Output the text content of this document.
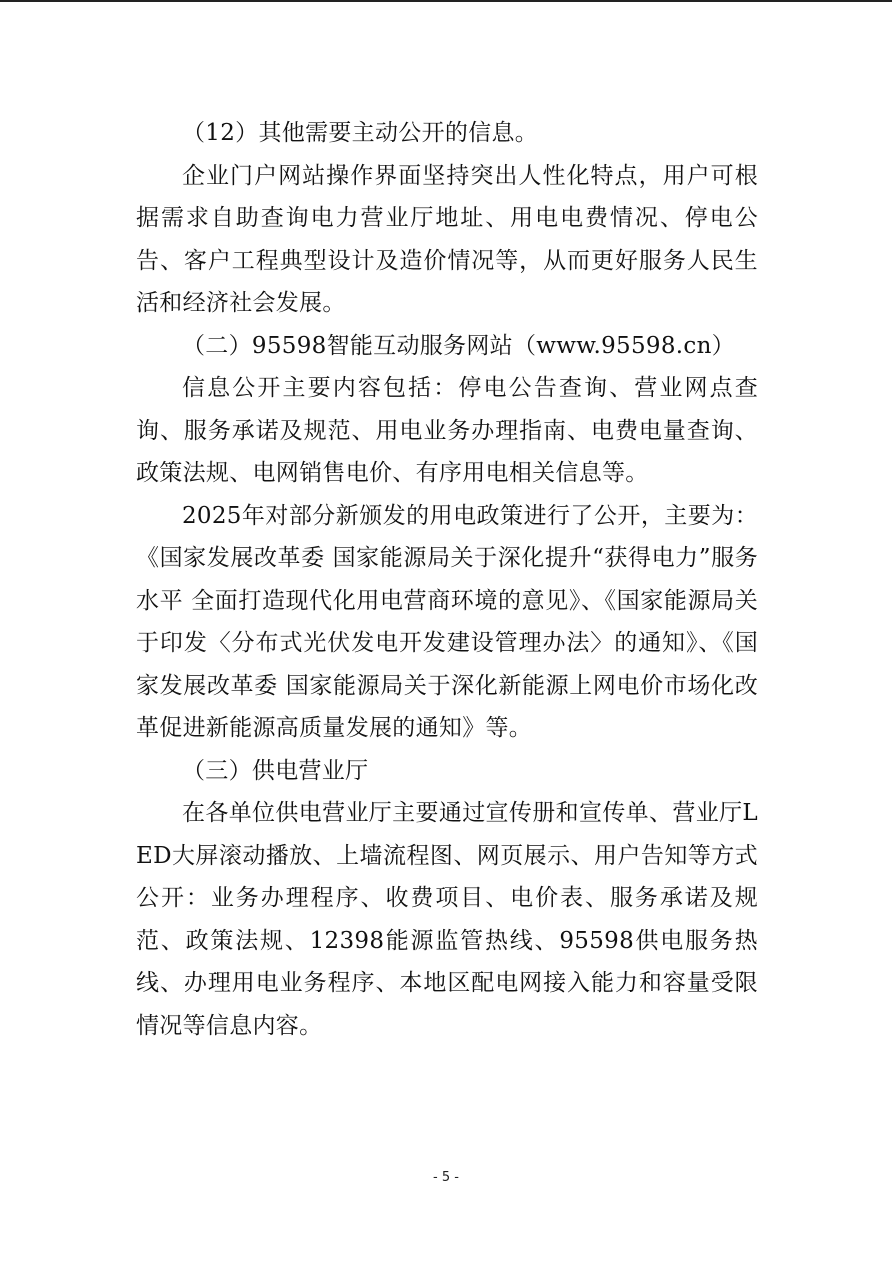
（12）其他需要主动公开的信息。

企业门户网站操作界面坚持突出人性化特点，用户可根据需求自助查询电力营业厅地址、用电电费情况、停电公告、客户工程典型设计及造价情况等，从而更好服务人民生活和经济社会发展。

（二）95598智能互动服务网站（www.95598.cn）

信息公开主要内容包括：停电公告查询、营业网点查询、服务承诺及规范、用电业务办理指南、电费电量查询、政策法规、电网销售电价、有序用电相关信息等。

2025年对部分新颁发的用电政策进行了公开，主要为：《国家发展改革委 国家能源局关于深化提升“获得电力”服务水平 全面打造现代化用电营商环境的意见》、《国家能源局关于印发〈分布式光伏发电开发建设管理办法〉的通知》、《国家发展改革委 国家能源局关于深化新能源上网电价市场化改革促进新能源高质量发展的通知》等。

（三）供电营业厅

在各单位供电营业厅主要通过宣传册和宣传单、营业厅LED大屏滚动播放、上墙流程图、网页展示、用户告知等方式公开：业务办理程序、收费项目、电价表、服务承诺及规范、政策法规、12398能源监管热线、95598供电服务热线、办理用电业务程序、本地区配电网接入能力和容量受限情况等信息内容。

- 5 -
